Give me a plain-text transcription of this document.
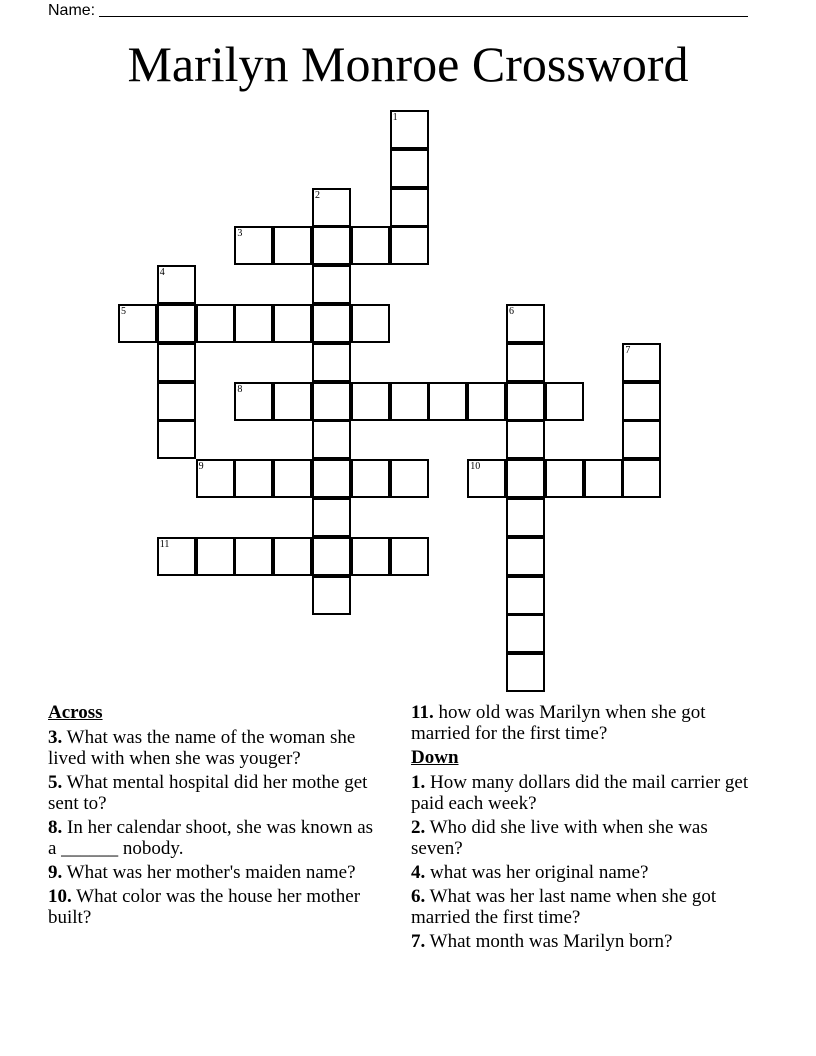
Name:
Marilyn Monroe Crossword
1
2
3
4
5	6
7
8
9	10
11
Across
3. What was the name of the woman she lived with when she was youger?
5. What mental hospital did her mothe get sent to?
8. In her calendar shoot, she was known as a ______ nobody.
9. What was her mother's maiden name?
10. What color was the house her mother built?
11. how old was Marilyn when she got married for the first time?
Down
1. How many dollars did the mail carrier get paid each week?
2. Who did she live with when she was seven?
4. what was her original name?
6. What was her last name when she got married the first time?
7. What month was Marilyn born?
